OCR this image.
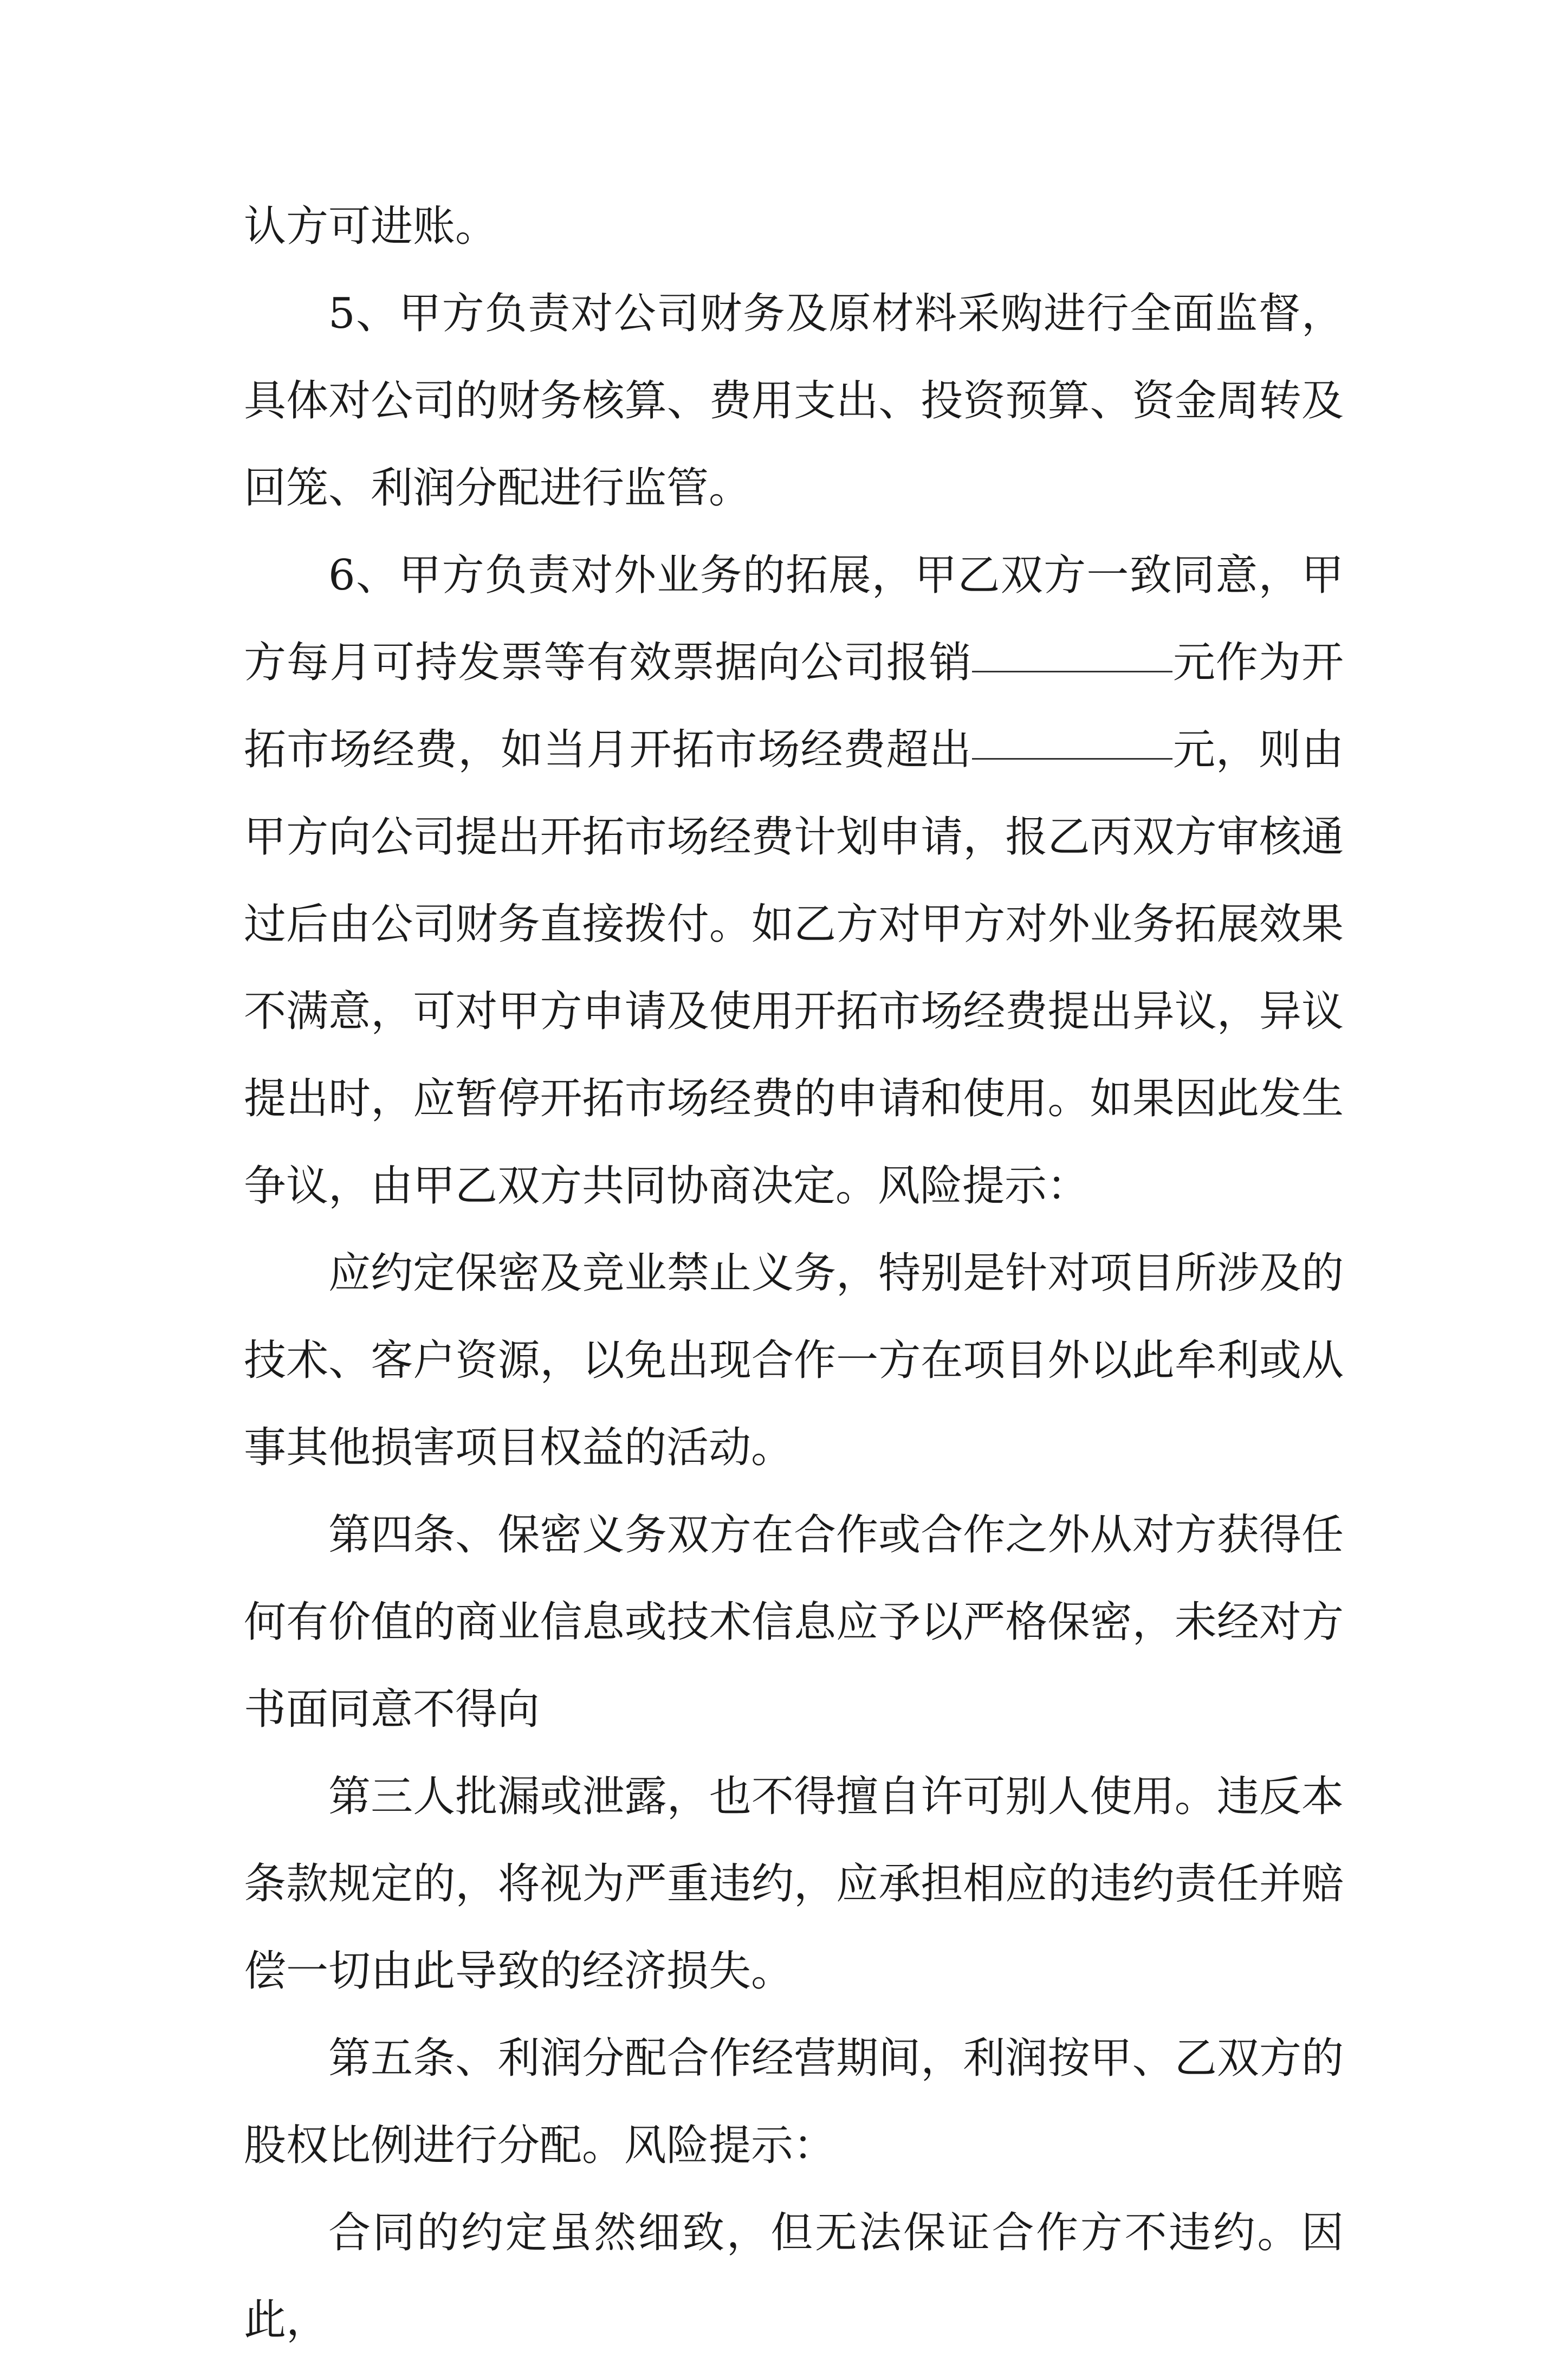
认方可进账。

5、甲方负责对公司财务及原材料采购进行全面监督，具体对公司的财务核算、费用支出、投资预算、资金周转及回笼、利润分配进行监管。

6、甲方负责对外业务的拓展，甲乙双方一致同意，甲方每月可持发票等有效票据向公司报销	元作为开拓市场经费，如当月开拓市场经费超出	元，则由甲方向公司提出开拓市场经费计划申请，报乙丙双方审核通过后由公司财务直接拨付。如乙方对甲方对外业务拓展效果不满意，可对甲方申请及使用开拓市场经费提出异议，异议提出时，应暂停开拓市场经费的申请和使用。如果因此发生争议，由甲乙双方共同协商决定。风险提示：

应约定保密及竞业禁止义务，特别是针对项目所涉及的技术、客户资源，以免出现合作一方在项目外以此牟利或从事其他损害项目权益的活动。

第四条、保密义务双方在合作或合作之外从对方获得任何有价值的商业信息或技术信息应予以严格保密，未经对方书面同意不得向

第三人批漏或泄露，也不得擅自许可别人使用。违反本条款规定的，将视为严重违约，应承担相应的违约责任并赔偿一切由此导致的经济损失。

第五条、利润分配合作经营期间，利润按甲、乙双方的股权比例进行分配。风险提示：

合同的约定虽然细致，但无法保证合作方不违约。因此，
